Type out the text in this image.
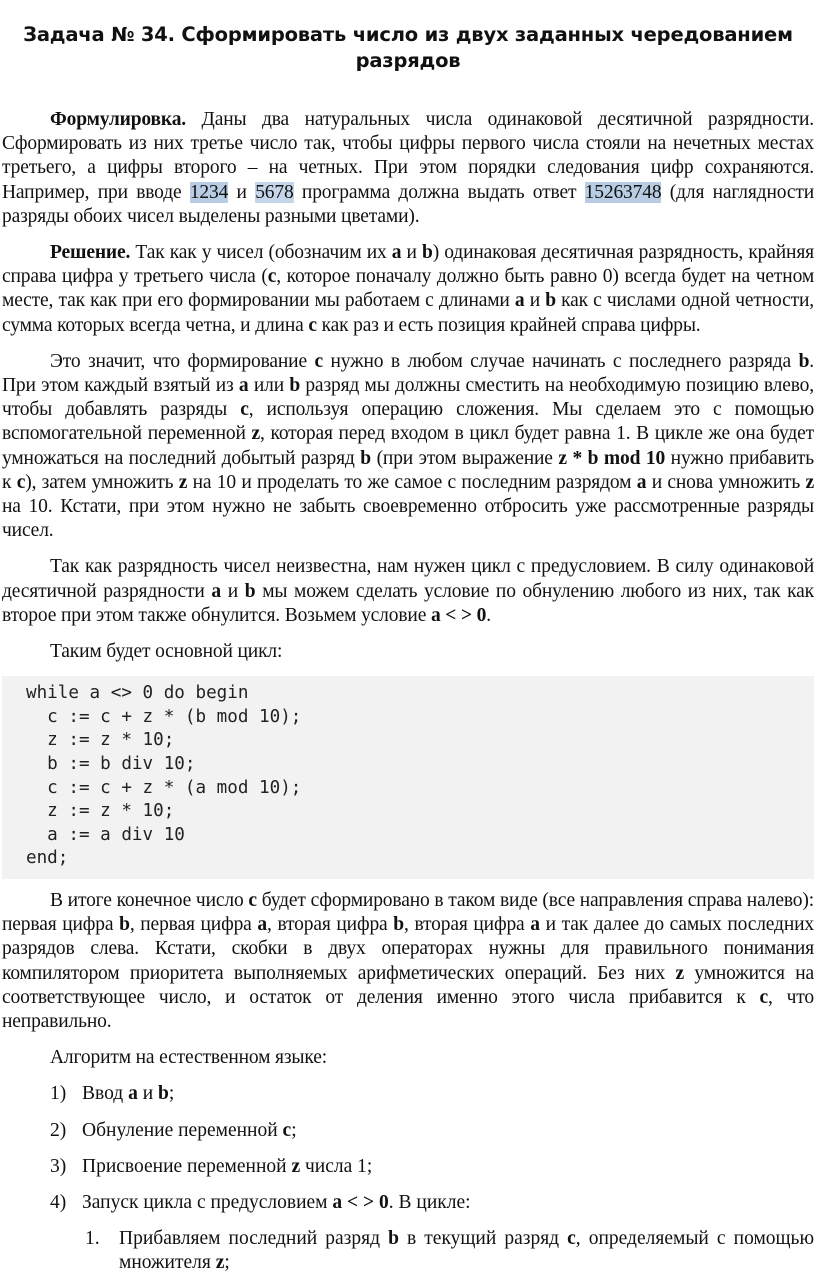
Задача № 34. Сформировать число из двух заданных чередованием разрядов

Формулировка. Даны два натуральных числа одинаковой десятичной разрядности. Сформировать из них третье число так, чтобы цифры первого числа стояли на нечетных местах третьего, а цифры второго – на четных. При этом порядки следования цифр сохраняются. Например, при вводе 1234 и 5678 программа должна выдать ответ 15263748 (для наглядности разряды обоих чисел выделены разными цветами).

Решение. Так как у чисел (обозначим их a и b) одинаковая десятичная разрядность, крайняя справа цифра у третьего числа (c, которое поначалу должно быть равно 0) всегда будет на четном месте, так как при его формировании мы работаем с длинами a и b как с числами одной четности, сумма которых всегда четна, и длина c как раз и есть позиция крайней справа цифры.

Это значит, что формирование c нужно в любом случае начинать с последнего разряда b. При этом каждый взятый из a или b разряд мы должны сместить на необходимую позицию влево, чтобы добавлять разряды c, используя операцию сложения. Мы сделаем это с помощью вспомогательной переменной z, которая перед входом в цикл будет равна 1. В цикле же она будет умножаться на последний добытый разряд b (при этом выражение z * b mod 10 нужно прибавить к c), затем умножить z на 10 и проделать то же самое с последним разрядом a и снова умножить z на 10. Кстати, при этом нужно не забыть своевременно отбросить уже рассмотренные разряды чисел.

Так как разрядность чисел неизвестна, нам нужен цикл с предусловием. В силу одинаковой десятичной разрядности a и b мы можем сделать условие по обнулению любого из них, так как второе при этом также обнулится. Возьмем условие a < > 0.

Таким будет основной цикл:

while a <> 0 do begin
c := c + z * (b mod 10);
z := z * 10;
b := b div 10;
c := c + z * (a mod 10);
z := z * 10;
a := a div 10
end;

В итоге конечное число c будет сформировано в таком виде (все направления справа налево): первая цифра b, первая цифра a, вторая цифра b, вторая цифра a и так далее до самых последних разрядов слева. Кстати, скобки в двух операторах нужны для правильного понимания компилятором приоритета выполняемых арифметических операций. Без них z умножится на соответствующее число, и остаток от деления именно этого числа прибавится к c, что неправильно.

Алгоритм на естественном языке:

1) Ввод a и b;
2) Обнуление переменной c;
3) Присвоение переменной z числа 1;
4) Запуск цикла с предусловием a < > 0. В цикле:
1. Прибавляем последний разряд b в текущий разряд c, определяемый с помощью множителя z;
